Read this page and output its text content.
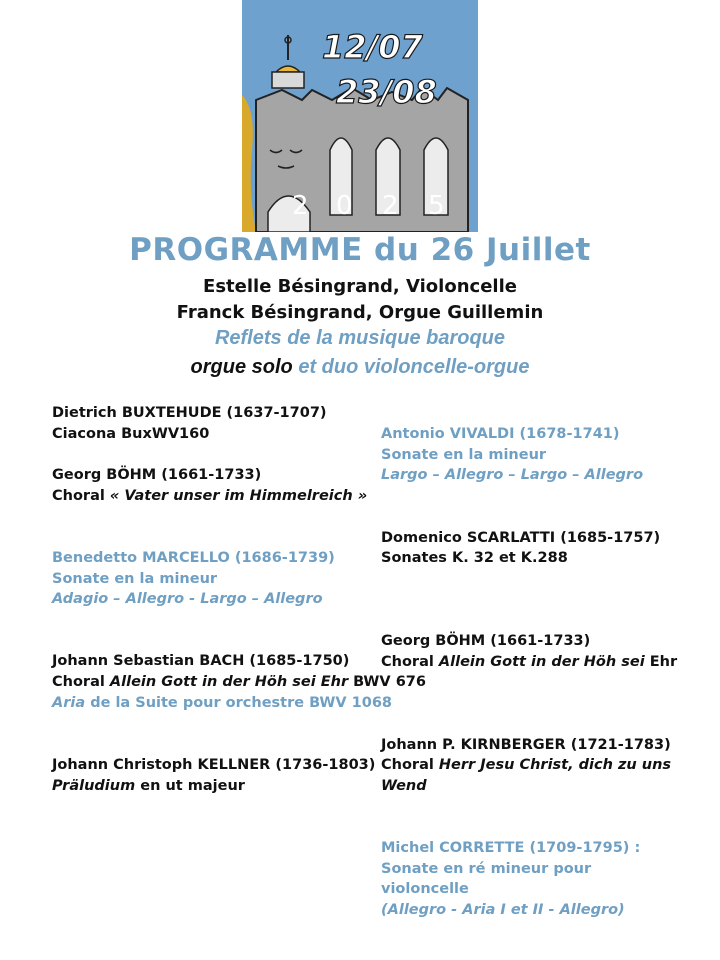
12/07
23/08
2 0 2 5
PROGRAMME du 26 Juillet
Estelle Bésingrand, Violoncelle
Franck Bésingrand, Orgue Guillemin
Reflets de la musique baroque
orgue solo et duo violoncelle-orgue
Dietrich BUXTEHUDE (1637-1707)
Ciacona BuxWV160

Georg BÖHM (1661-1733)
Choral « Vater unser im Himmelreich »

Benedetto MARCELLO (1686-1739)
Sonate en la mineur
Adagio – Allegro - Largo – Allegro

Johann Sebastian BACH (1685-1750)
Choral Allein Gott in der Höh sei Ehr BWV 676
Aria de la Suite pour orchestre BWV 1068

Johann Christoph KELLNER (1736-1803)
Präludium en ut majeur
Antonio VIVALDI (1678-1741)
Sonate en la mineur
Largo – Allegro – Largo – Allegro

Domenico SCARLATTI (1685-1757)
Sonates K. 32 et K.288

Georg BÖHM (1661-1733)
Choral Allein Gott in der Höh sei Ehr

Johann P. KIRNBERGER (1721-1783)
Choral Herr Jesu Christ, dich zu uns
Wend

Michel CORRETTE (1709-1795) :
Sonate en ré mineur pour
violoncelle
(Allegro - Aria I et II - Allegro)
